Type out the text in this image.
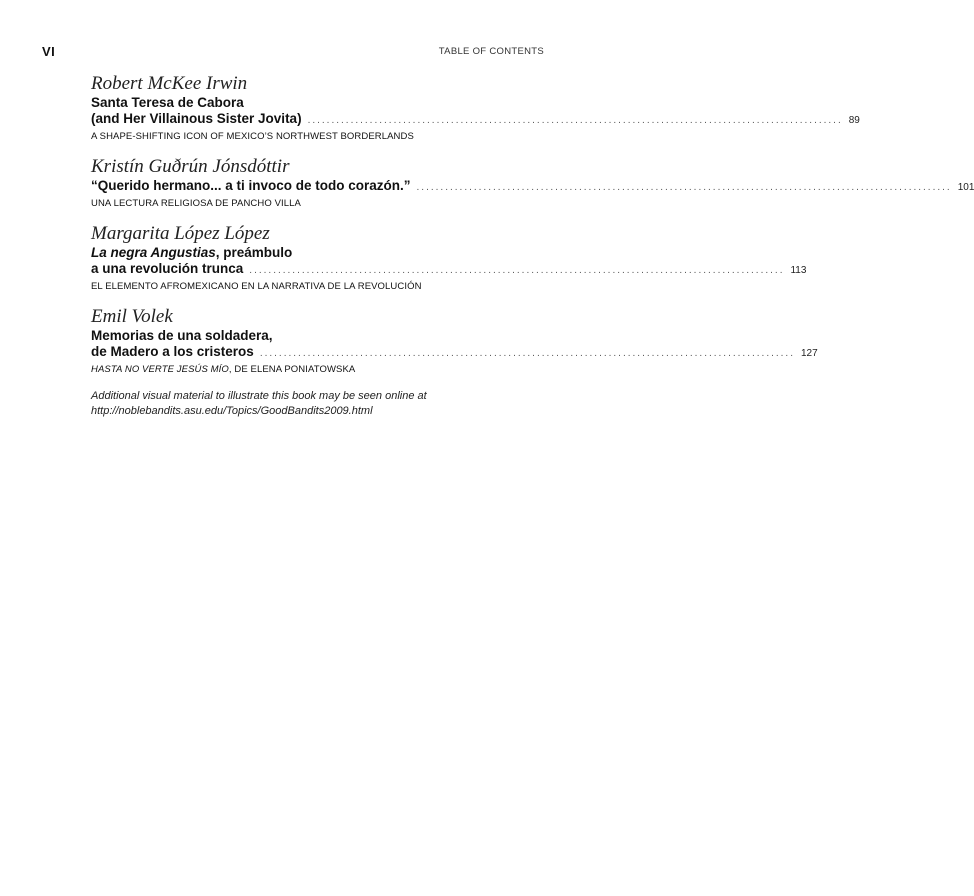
VI	TABLE OF CONTENTS
Robert McKee Irwin
Santa Teresa de Cabora
(and Her Villainous Sister Jovita) ................................................................................................................ 89
A SHAPE-SHIFTING ICON OF MEXICO’S NORTHWEST BORDERLANDS
Kristín Guðrún Jónsdóttir
“Querido hermano... a ti invoco de todo corazón.” ................................................................................................................ 101
UNA LECTURA RELIGIOSA DE PANCHO VILLA
Margarita López López
La negra Angustias, preámbulo
a una revolución trunca ................................................................................................................ 113
EL ELEMENTO AFROMEXICANO EN LA NARRATIVA DE LA REVOLUCIÓN
Emil Volek
Memorias de una soldadera,
de Madero a los cristeros ................................................................................................................ 127
HASTA NO VERTE JESÚS MÍO, DE ELENA PONIATOWSKA
Additional visual material to illustrate this book may be seen online at
http://noblebandits.asu.edu/Topics/GoodBandits2009.html
